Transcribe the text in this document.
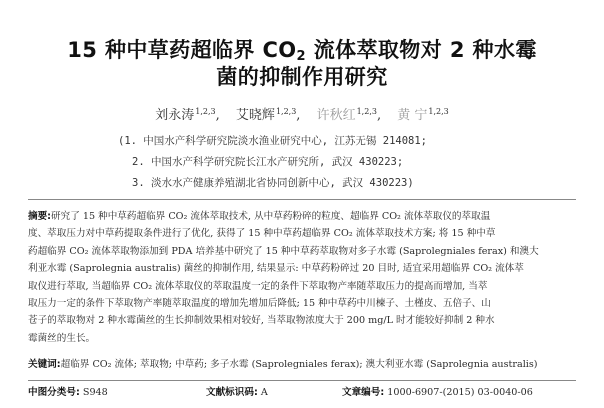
15 种中草药超临界 $CO_2$ 流体萃取物对 2 种水霉
菌的抑制作用研究
刘永涛$^{1,2,3}$, 艾晓辉$^{1,2,3}$, 许秋红$^{1,2,3}$, 黄 宁$^{1,2,3}$
(1. 中国水产科学研究院淡水渔业研究中心, 江苏无锡 214081;
2. 中国水产科学研究院长江水产研究所, 武汉 430223;
3. 淡水水产健康养殖湖北省协同创新中心, 武汉 430223)
摘要:研究了 15 种中草药超临界 CO₂ 流体萃取技术, 从中草药粉碎的粒度、超临界 CO₂ 流体萃取仪的萃取温
度、萃取压力对中草药提取条件进行了优化, 获得了 15 种中草药超临界 CO₂ 流体萃取技术方案; 将 15 种中草
药超临界 CO₂ 流体萃取物添加到 PDA 培养基中研究了 15 种中草药萃取物对多子水霉 (Saprolegniales ferax) 和澳大
利亚水霉 (Saprolegnia australis) 菌丝的抑制作用, 结果显示: 中草药粉碎过 20 目时, 适宜采用超临界 CO₂ 流体萃
取仪进行萃取, 当超临界 CO₂ 流体萃取仪的萃取温度一定的条件下萃取物产率随萃取压力的提高而增加, 当萃
取压力一定的条件下萃取物产率随萃取温度的增加先增加后降低; 15 种中草药中川楝子、土槿皮、五倍子、山
苍子的萃取物对 2 种水霉菌丝的生长抑制效果相对较好, 当萃取物浓度大于 200 mg/L 时才能较好抑制 2 种水
霉菌丝的生长。
关键词:超临界 CO₂ 流体; 萃取物; 中草药; 多子水霉 (Saprolegniales ferax); 澳大利亚水霉 (Saprolegnia australis)
中图分类号: S948	文献标识码: A	文章编号: 1000-6907-(2015) 03-0040-06
